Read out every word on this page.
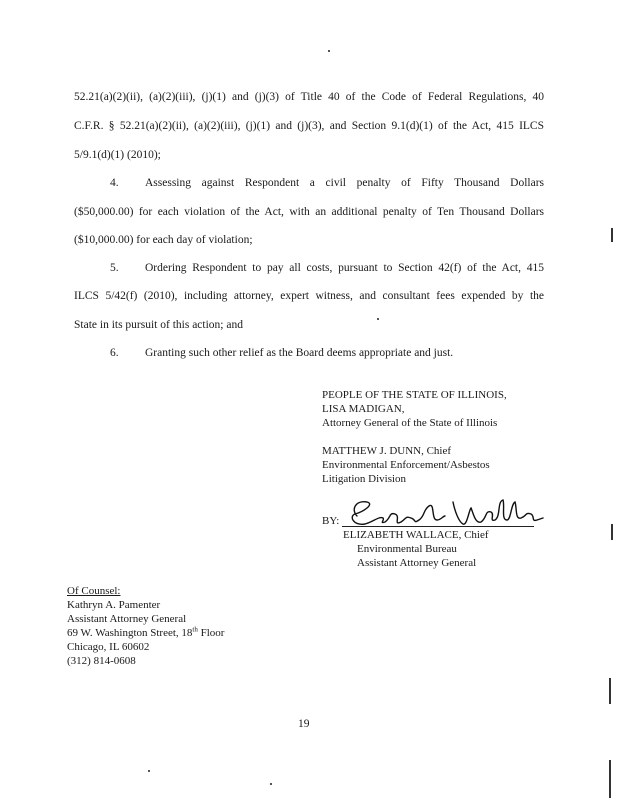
52.21(a)(2)(ii), (a)(2)(iii), (j)(1) and (j)(3) of Title 40 of the Code of Federal Regulations, 40
C.F.R. § 52.21(a)(2)(ii), (a)(2)(iii), (j)(1) and (j)(3), and Section 9.1(d)(1) of the Act, 415 ILCS
5/9.1(d)(1) (2010);
4. Assessing against Respondent a civil penalty of Fifty Thousand Dollars
($50,000.00) for each violation of the Act, with an additional penalty of Ten Thousand Dollars
($10,000.00) for each day of violation;
5. Ordering Respondent to pay all costs, pursuant to Section 42(f) of the Act, 415
ILCS 5/42(f) (2010), including attorney, expert witness, and consultant fees expended by the
State in its pursuit of this action; and
6. Granting such other relief as the Board deems appropriate and just.
PEOPLE OF THE STATE OF ILLINOIS,
LISA MADIGAN,
Attorney General of the State of Illinois
MATTHEW J. DUNN, Chief
Environmental Enforcement/Asbestos
Litigation Division
BY:
ELIZABETH WALLACE, Chief
Environmental Bureau
Assistant Attorney General
Of Counsel:
Kathryn A. Pamenter
Assistant Attorney General
69 W. Washington Street, 18th Floor
Chicago, IL 60602
(312) 814-0608
19
